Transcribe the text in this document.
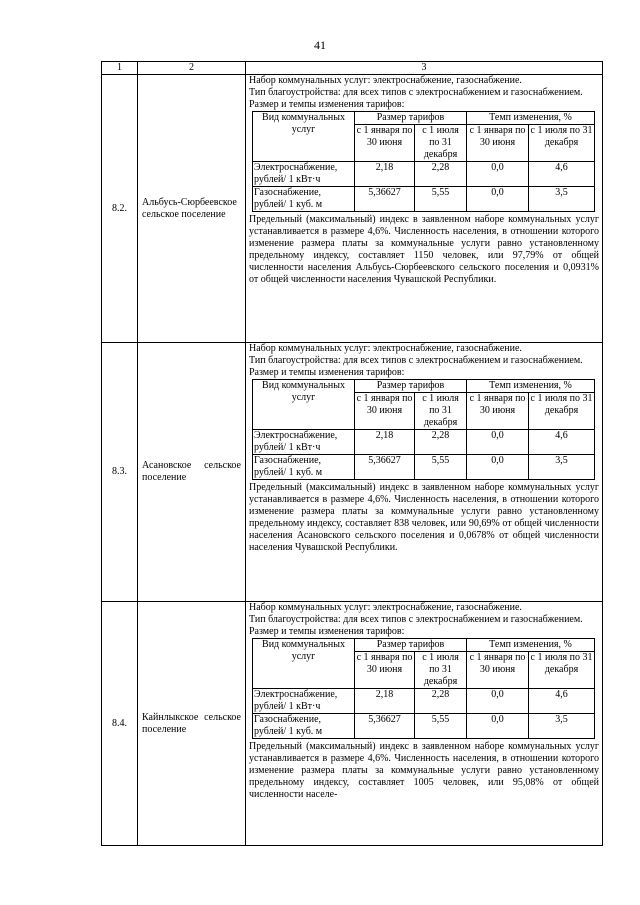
41
1	2	3
8.2.	Альбусь-Сюрбеевское сельское поселение	

Набор коммунальных услуг: электроснабжение, газоснабжение.

Тип благоустройства: для всех типов с электроснабжением и газоснабжением.

Размер и темпы изменения тарифов:

Вид коммунальных услуг	Размер тарифов	Темп изменения, %
с 1 января по 30 июня	с 1 июля по 31 декабря	с 1 января по 30 июня	с 1 июля по 31 декабря
Электроснабжение, рублей/ 1 кВт·ч	2,18	2,28	0,0	4,6
Газоснабжение, рублей/ 1 куб. м	5,36627	5,55	0,0	3,5

Предельный (максимальный) индекс в заявленном наборе коммунальных услуг устанавливается в размере 4,6%. Численность населения, в отношении которого изменение размера платы за коммунальные услуги равно установленному предельному индексу, составляет 1150 человек, или 97,79% от общей численности населения Альбусь-Сюрбеевского сельского поселения и 0,0931% от общей численности населения Чувашской Республики.

8.3.	Асановское сельское поселение	

Набор коммунальных услуг: электроснабжение, газоснабжение.

Тип благоустройства: для всех типов с электроснабжением и газоснабжением.

Размер и темпы изменения тарифов:

Вид коммунальных услуг	Размер тарифов	Темп изменения, %
с 1 января по 30 июня	с 1 июля по 31 декабря	с 1 января по 30 июня	с 1 июля по 31 декабря
Электроснабжение, рублей/ 1 кВт·ч	2,18	2,28	0,0	4,6
Газоснабжение, рублей/ 1 куб. м	5,36627	5,55	0,0	3,5

Предельный (максимальный) индекс в заявленном наборе коммунальных услуг устанавливается в размере 4,6%. Численность населения, в отношении которого изменение размера платы за коммунальные услуги равно установленному предельному индексу, составляет 838 человек, или 90,69% от общей численности населения Асановского сельского поселения и 0,0678% от общей численности населения Чувашской Республики.

8.4.	Кайнлыкское сельское поселение	

Набор коммунальных услуг: электроснабжение, газоснабжение.

Тип благоустройства: для всех типов с электроснабжением и газоснабжением.

Размер и темпы изменения тарифов:

Вид коммунальных услуг	Размер тарифов	Темп изменения, %
с 1 января по 30 июня	с 1 июля по 31 декабря	с 1 января по 30 июня	с 1 июля по 31 декабря
Электроснабжение, рублей/ 1 кВт·ч	2,18	2,28	0,0	4,6
Газоснабжение, рублей/ 1 куб. м	5,36627	5,55	0,0	3,5

Предельный (максимальный) индекс в заявленном наборе коммунальных услуг устанавливается в размере 4,6%. Численность населения, в отношении которого изменение размера платы за коммунальные услуги равно установленному предельному индексу, составляет 1005 человек, или 95,08% от общей численности населе-
